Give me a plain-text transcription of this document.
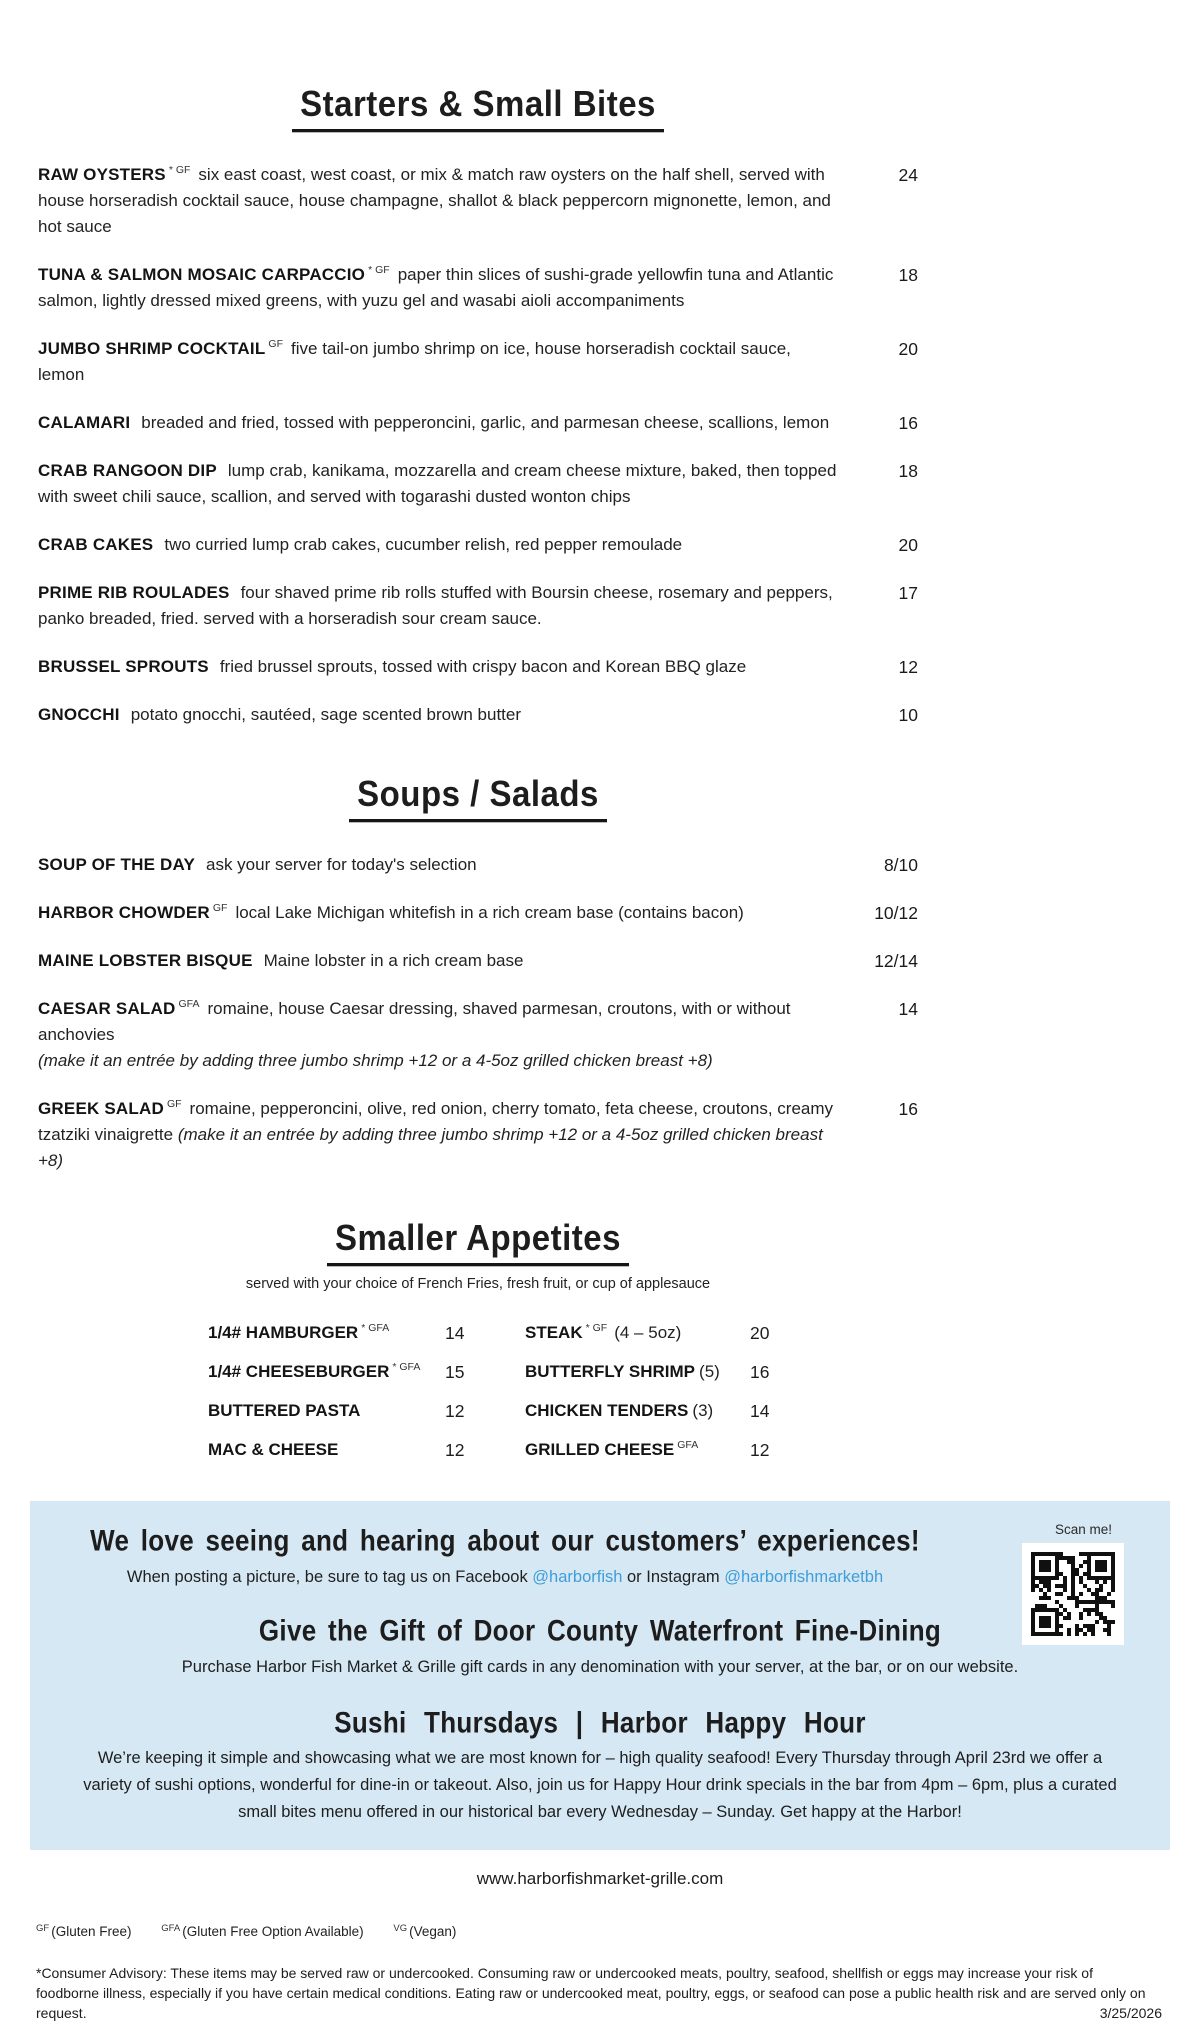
Starters & Small Bites
RAW OYSTERS $^{* GF}$ six east coast, west coast, or mix & match raw oysters on the half shell, served with house horseradish cocktail sauce, house champagne, shallot & black peppercorn mignonette, lemon, and hot sauce
24
TUNA & SALMON MOSAIC CARPACCIO $^{* GF}$ paper thin slices of sushi-grade yellowfin tuna and Atlantic salmon, lightly dressed mixed greens, with yuzu gel and wasabi aioli accompaniments
18
JUMBO SHRIMP COCKTAIL $^{GF}$ five tail-on jumbo shrimp on ice, house horseradish cocktail sauce, lemon
20
CALAMARI breaded and fried, tossed with pepperoncini, garlic, and parmesan cheese, scallions, lemon	16
CRAB RANGOON DIP lump crab, kanikama, mozzarella and cream cheese mixture, baked, then topped with sweet chili sauce, scallion, and served with togarashi dusted wonton chips
18
CRAB CAKES two curried lump crab cakes, cucumber relish, red pepper remoulade	20
PRIME RIB ROULADES four shaved prime rib rolls stuffed with Boursin cheese, rosemary and peppers, panko breaded, fried. served with a horseradish sour cream sauce.
17
BRUSSEL SPROUTS fried brussel sprouts, tossed with crispy bacon and Korean BBQ glaze	12
GNOCCHI potato gnocchi, sautéed, sage scented brown butter	10
Soups / Salads
SOUP OF THE DAY ask your server for today's selection	8/10
HARBOR CHOWDER $^{GF}$ local Lake Michigan whitefish in a rich cream base (contains bacon)	10/12
MAINE LOBSTER BISQUE Maine lobster in a rich cream base	12/14
CAESAR SALAD $^{GFA}$ romaine, house Caesar dressing, shaved parmesan, croutons, with or without anchovies
(make it an entrée by adding three jumbo shrimp +12 or a 4-5oz grilled chicken breast +8)
14
GREEK SALAD $^{GF}$ romaine, pepperoncini, olive, red onion, cherry tomato, feta cheese, croutons, creamy tzatziki vinaigrette (make it an entrée by adding three jumbo shrimp +12 or a 4-5oz grilled chicken breast +8)
16
Smaller Appetites
served with your choice of French Fries, fresh fruit, or cup of applesauce
1/4# HAMBURGER $^{* GFA}$	14	STEAK $^{* GF}$ (4 – 5oz)	20
1/4# CHEESEBURGER $^{* GFA}$	15	BUTTERFLY SHRIMP (5)	16
BUTTERED PASTA	12	CHICKEN TENDERS (3)	14
MAC & CHEESE	12	GRILLED CHEESE $^{GFA}$	12
Scan me!
We love seeing and hearing about our customers’ experiences!
When posting a picture, be sure to tag us on Facebook @harborfish or Instagram @harborfishmarketbh
Give the Gift of Door County Waterfront Fine-Dining
Purchase Harbor Fish Market & Grille gift cards in any denomination with your server, at the bar, or on our website.
Sushi Thursdays | Harbor Happy Hour
We’re keeping it simple and showcasing what we are most known for – high quality seafood! Every Thursday through April 23rd we offer a variety of sushi options, wonderful for dine-in or takeout. Also, join us for Happy Hour drink specials in the bar from 4pm – 6pm, plus a curated small bites menu offered in our historical bar every Wednesday – Sunday. Get happy at the Harbor!
www.harborfishmarket-grille.com
$^{GF}$ (Gluten Free)	$^{GFA}$ (Gluten Free Option Available)	$^{VG}$ (Vegan)
*Consumer Advisory: These items may be served raw or undercooked. Consuming raw or undercooked meats, poultry, seafood, shellfish or eggs may increase your risk of foodborne illness, especially if you have certain medical conditions. Eating raw or undercooked meat, poultry, eggs, or seafood can pose a public health risk and are served only on request.	3/25/2026
